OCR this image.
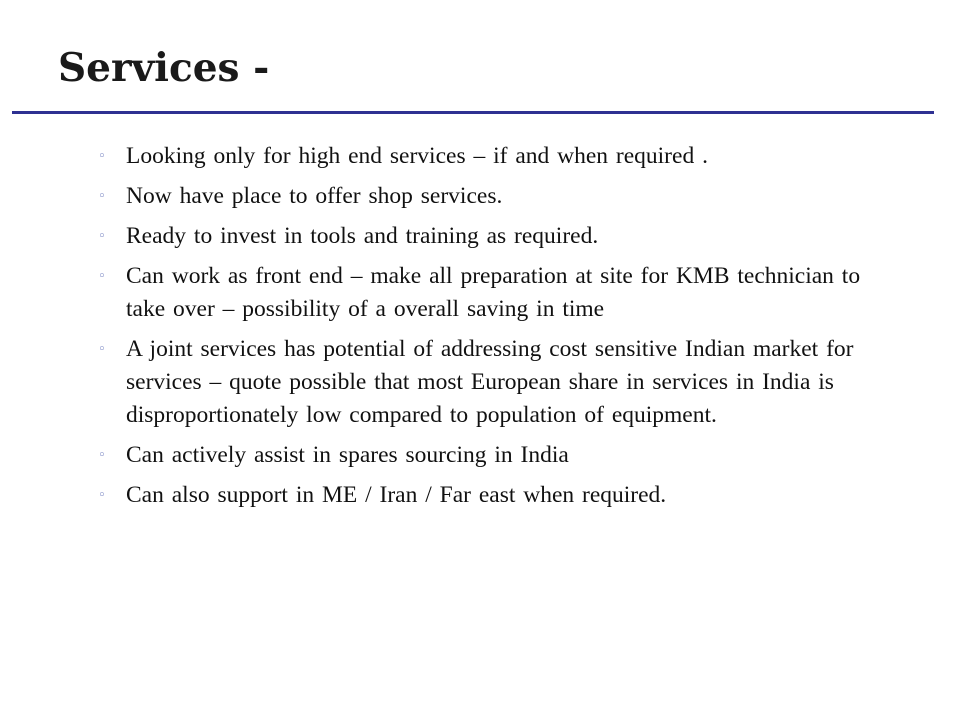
Services -
◦ Looking only for high end services – if and when required .
◦ Now have place to offer shop services.
◦ Ready to invest in tools and training as required.
◦ Can work as front end – make all preparation at site for KMB technician to take over – possibility of a overall saving in time
◦ A joint services has potential of addressing cost sensitive Indian market for services – quote possible that most European share in services in India is disproportionately low compared to population of equipment.
◦ Can actively assist in spares sourcing in India
◦ Can also support in ME / Iran / Far east when required.
